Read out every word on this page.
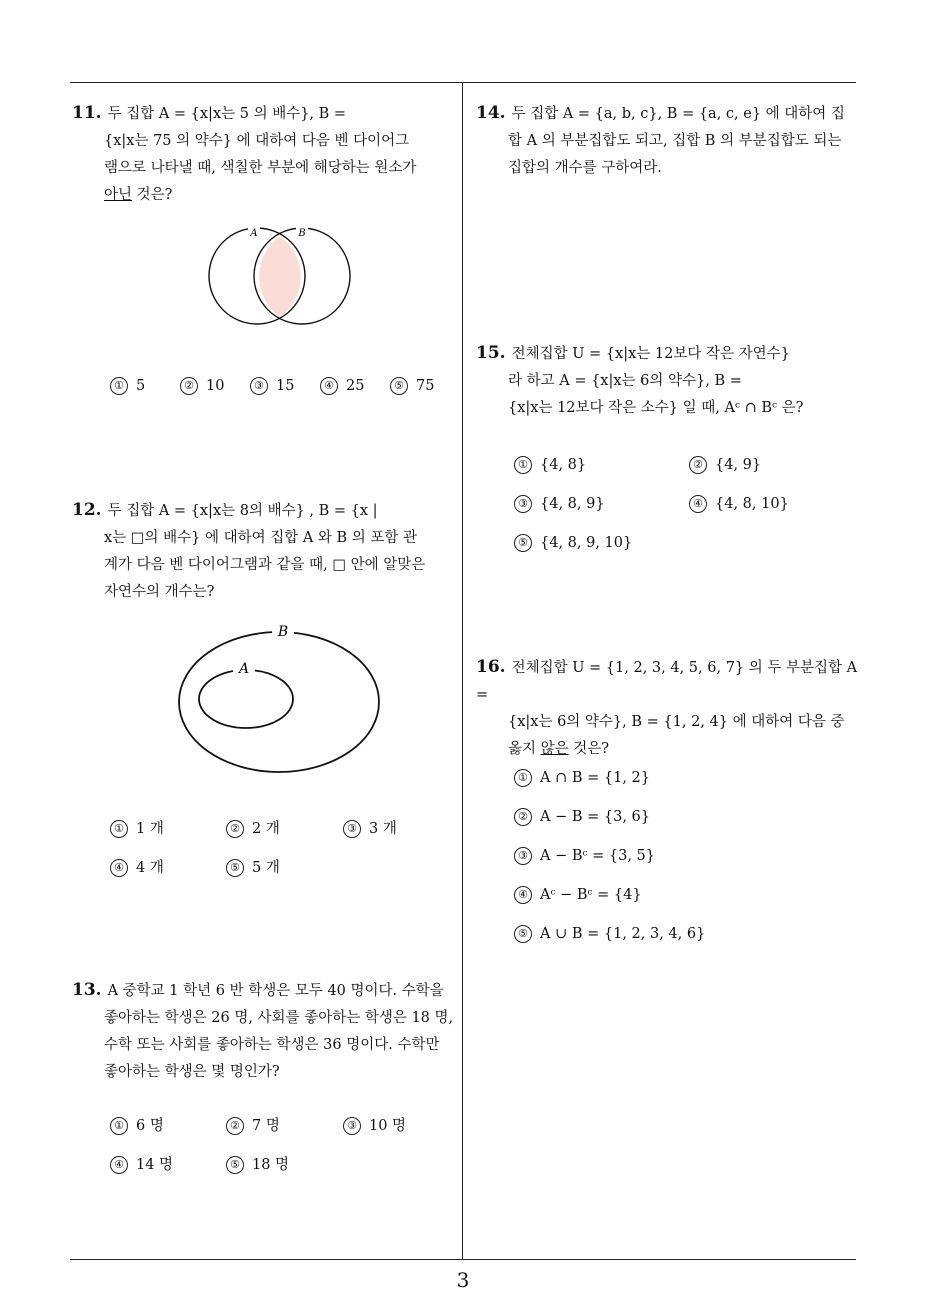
11. 두 집합 A = {x|x는 5 의 배수}, B =
{x|x는 75 의 약수} 에 대하여 다음 벤 다이어그
램으로 나타낼 때, 색칠한 부분에 해당하는 원소가
아닌 것은?
A	B
① 5	② 10	③ 15	④ 25	⑤ 75
12. 두 집합 A = {x|x는 8의 배수} , B = {x |
x는 □의 배수} 에 대하여 집합 A 와 B 의 포함 관
계가 다음 벤 다이어그램과 같을 때, □ 안에 알맞은
자연수의 개수는?
B
A
① 1 개	② 2 개	③ 3 개
④ 4 개	⑤ 5 개
13. A 중학교 1 학년 6 반 학생은 모두 40 명이다. 수학을
좋아하는 학생은 26 명, 사회를 좋아하는 학생은 18 명,
수학 또는 사회를 좋아하는 학생은 36 명이다. 수학만
좋아하는 학생은 몇 명인가?
① 6 명	② 7 명	③ 10 명
④ 14 명	⑤ 18 명
14. 두 집합 A = {a, b, c}, B = {a, c, e} 에 대하여 집
합 A 의 부분집합도 되고, 집합 B 의 부분집합도 되는
집합의 개수를 구하여라.
15. 전체집합 U = {x|x는 12보다 작은 자연수}
라 하고 A = {x|x는 6의 약수}, B =
{x|x는 12보다 작은 소수} 일 때, Aᶜ ∩ Bᶜ 은?
① {4, 8}	② {4, 9}
③ {4, 8, 9}	④ {4, 8, 10}
⑤ {4, 8, 9, 10}
16. 전체집합 U = {1, 2, 3, 4, 5, 6, 7} 의 두 부분집합 A =
{x|x는 6의 약수}, B = {1, 2, 4} 에 대하여 다음 중
옳지 않은 것은?
① A ∩ B = {1, 2}
② A − B = {3, 6}
③ A − Bᶜ = {3, 5}
④ Aᶜ − Bᶜ = {4}
⑤ A ∪ B = {1, 2, 3, 4, 6}
3
